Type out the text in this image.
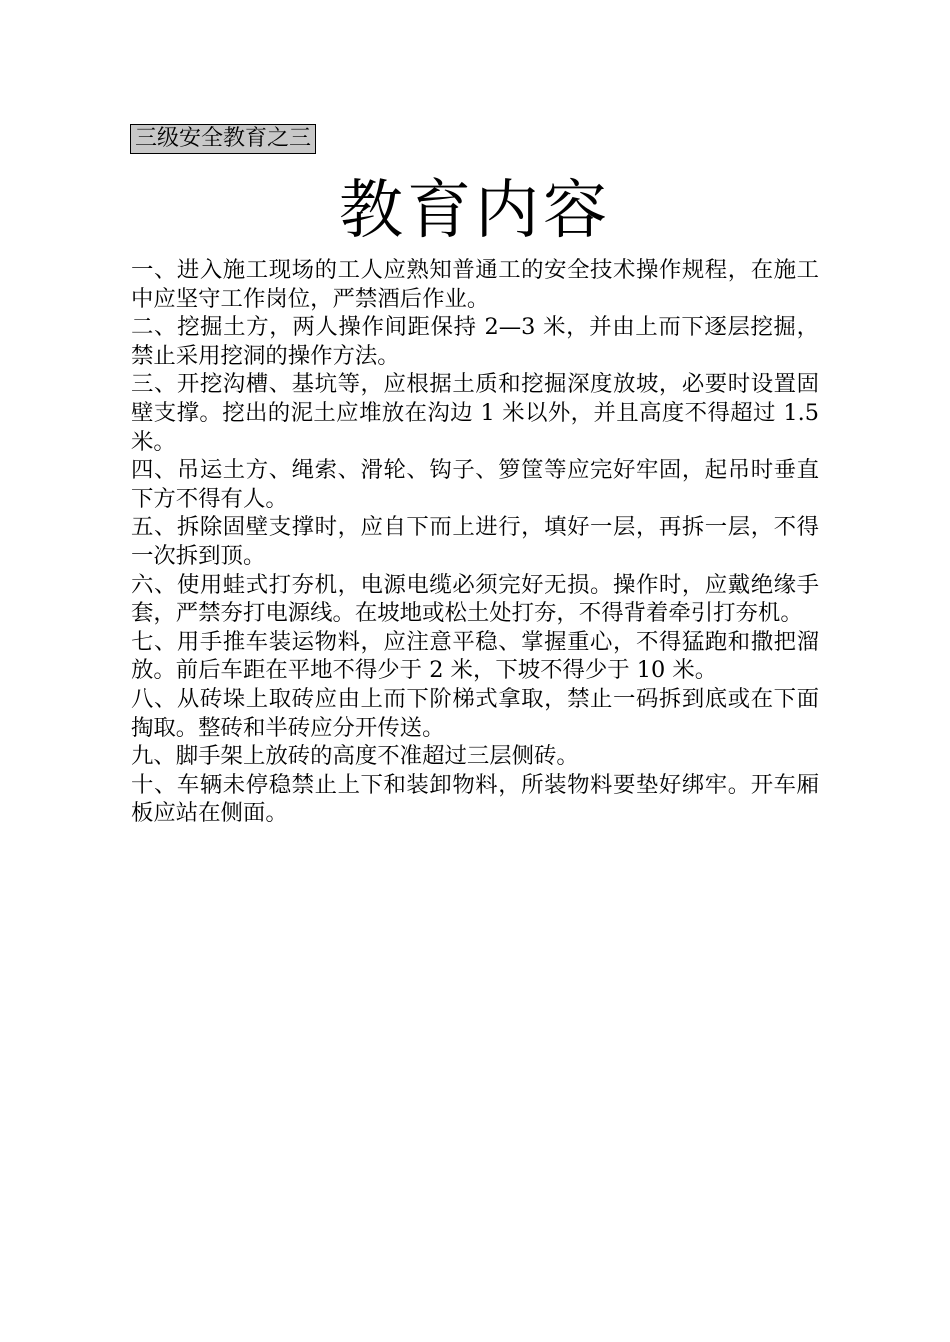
三级安全教育之三
教育内容

一、进入施工现场的工人应熟知普通工的安全技术操作规程，在施工中应坚守工作岗位，严禁酒后作业。

二、挖掘土方，两人操作间距保持 2—3 米，并由上而下逐层挖掘，禁止采用挖洞的操作方法。

三、开挖沟槽、基坑等，应根据土质和挖掘深度放坡，必要时设置固壁支撑。挖出的泥土应堆放在沟边 1 米以外，并且高度不得超过 1.5 米。

四、吊运土方、绳索、滑轮、钩子、箩筐等应完好牢固，起吊时垂直下方不得有人。

五、拆除固壁支撑时，应自下而上进行，填好一层，再拆一层，不得一次拆到顶。

六、使用蛙式打夯机，电源电缆必须完好无损。操作时，应戴绝缘手套，严禁夯打电源线。在坡地或松土处打夯，不得背着牵引打夯机。

七、用手推车装运物料，应注意平稳、掌握重心，不得猛跑和撒把溜放。前后车距在平地不得少于 2 米，下坡不得少于 10 米。

八、从砖垛上取砖应由上而下阶梯式拿取，禁止一码拆到底或在下面掏取。整砖和半砖应分开传送。

九、脚手架上放砖的高度不准超过三层侧砖。

十、车辆未停稳禁止上下和装卸物料，所装物料要垫好绑牢。开车厢板应站在侧面。
